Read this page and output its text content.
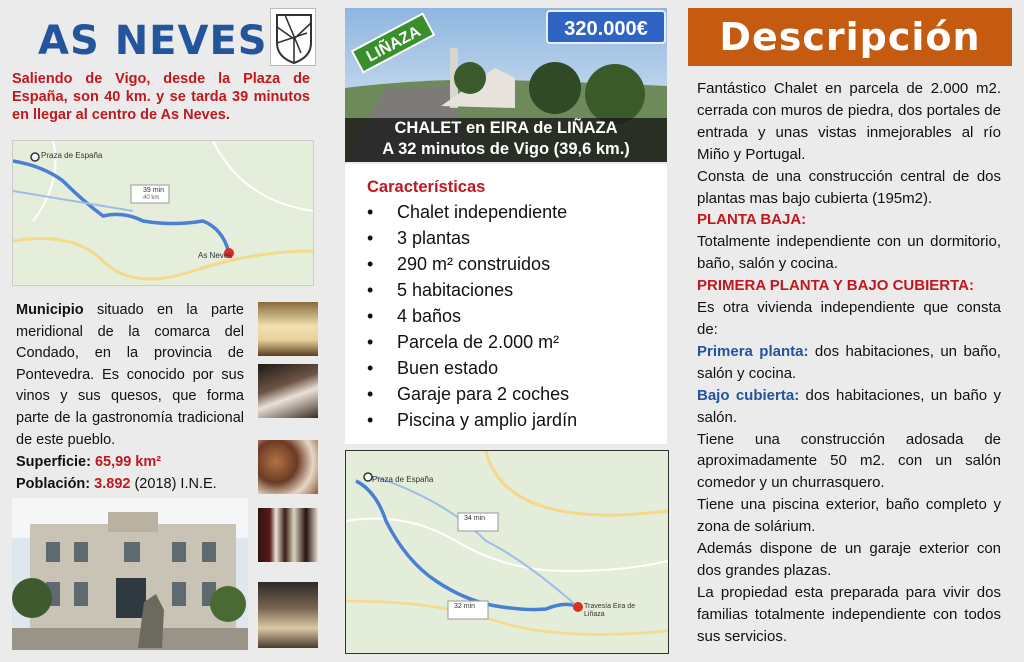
AS NEVES

Saliendo de Vigo, desde la Plaza de España, son 40 km. y se tarda 39 minutos en llegar al centro de As Neves.

Praza de España
39 min
40 km
As Neves

Municipio situado en la parte meridional de la comarca del Condado, en la provincia de Pontevedra. Es conocido por sus vinos y sus quesos, que forma parte de la gastronomía tradicional de este pueblo.

Superficie: 65,99 km²
Población: 3.892 (2018) I.N.E.
LIÑAZA	320.000€
CHALET en EIRA de LIÑAZA
A 32 minutos de Vigo (39,6 km.)
Características
• Chalet independiente
• 3 plantas
• 290 m² construidos
• 5 habitaciones
• 4 baños
• Parcela de 2.000 m²
• Buen estado
• Garaje para 2 coches
• Piscina y amplio jardín
Praza de España
34 min
32 min	Travesía Eira de Liñaza
Descripción

Fantástico Chalet en parcela de 2.000 m2. cerrada con muros de piedra, dos portales de entrada y unas vistas inmejorables al río Miño y Portugal.

Consta de una construcción central de dos plantas mas bajo cubierta (195m2).

PLANTA BAJA:

Totalmente independiente con un dormitorio, baño, salón y cocina.

PRIMERA PLANTA Y BAJO CUBIERTA:

Es otra vivienda independiente que consta de:

Primera planta: dos habitaciones, un baño, salón y cocina.

Bajo cubierta: dos habitaciones, un baño y salón.

Tiene una construcción adosada de aproximadamente 50 m2. con un salón comedor y un churrasquero.

Tiene una piscina exterior, baño completo y zona de solárium.

Además dispone de un garaje exterior con dos grandes plazas.

La propiedad esta preparada para vivir dos familias totalmente independiente con todos sus servicios.
